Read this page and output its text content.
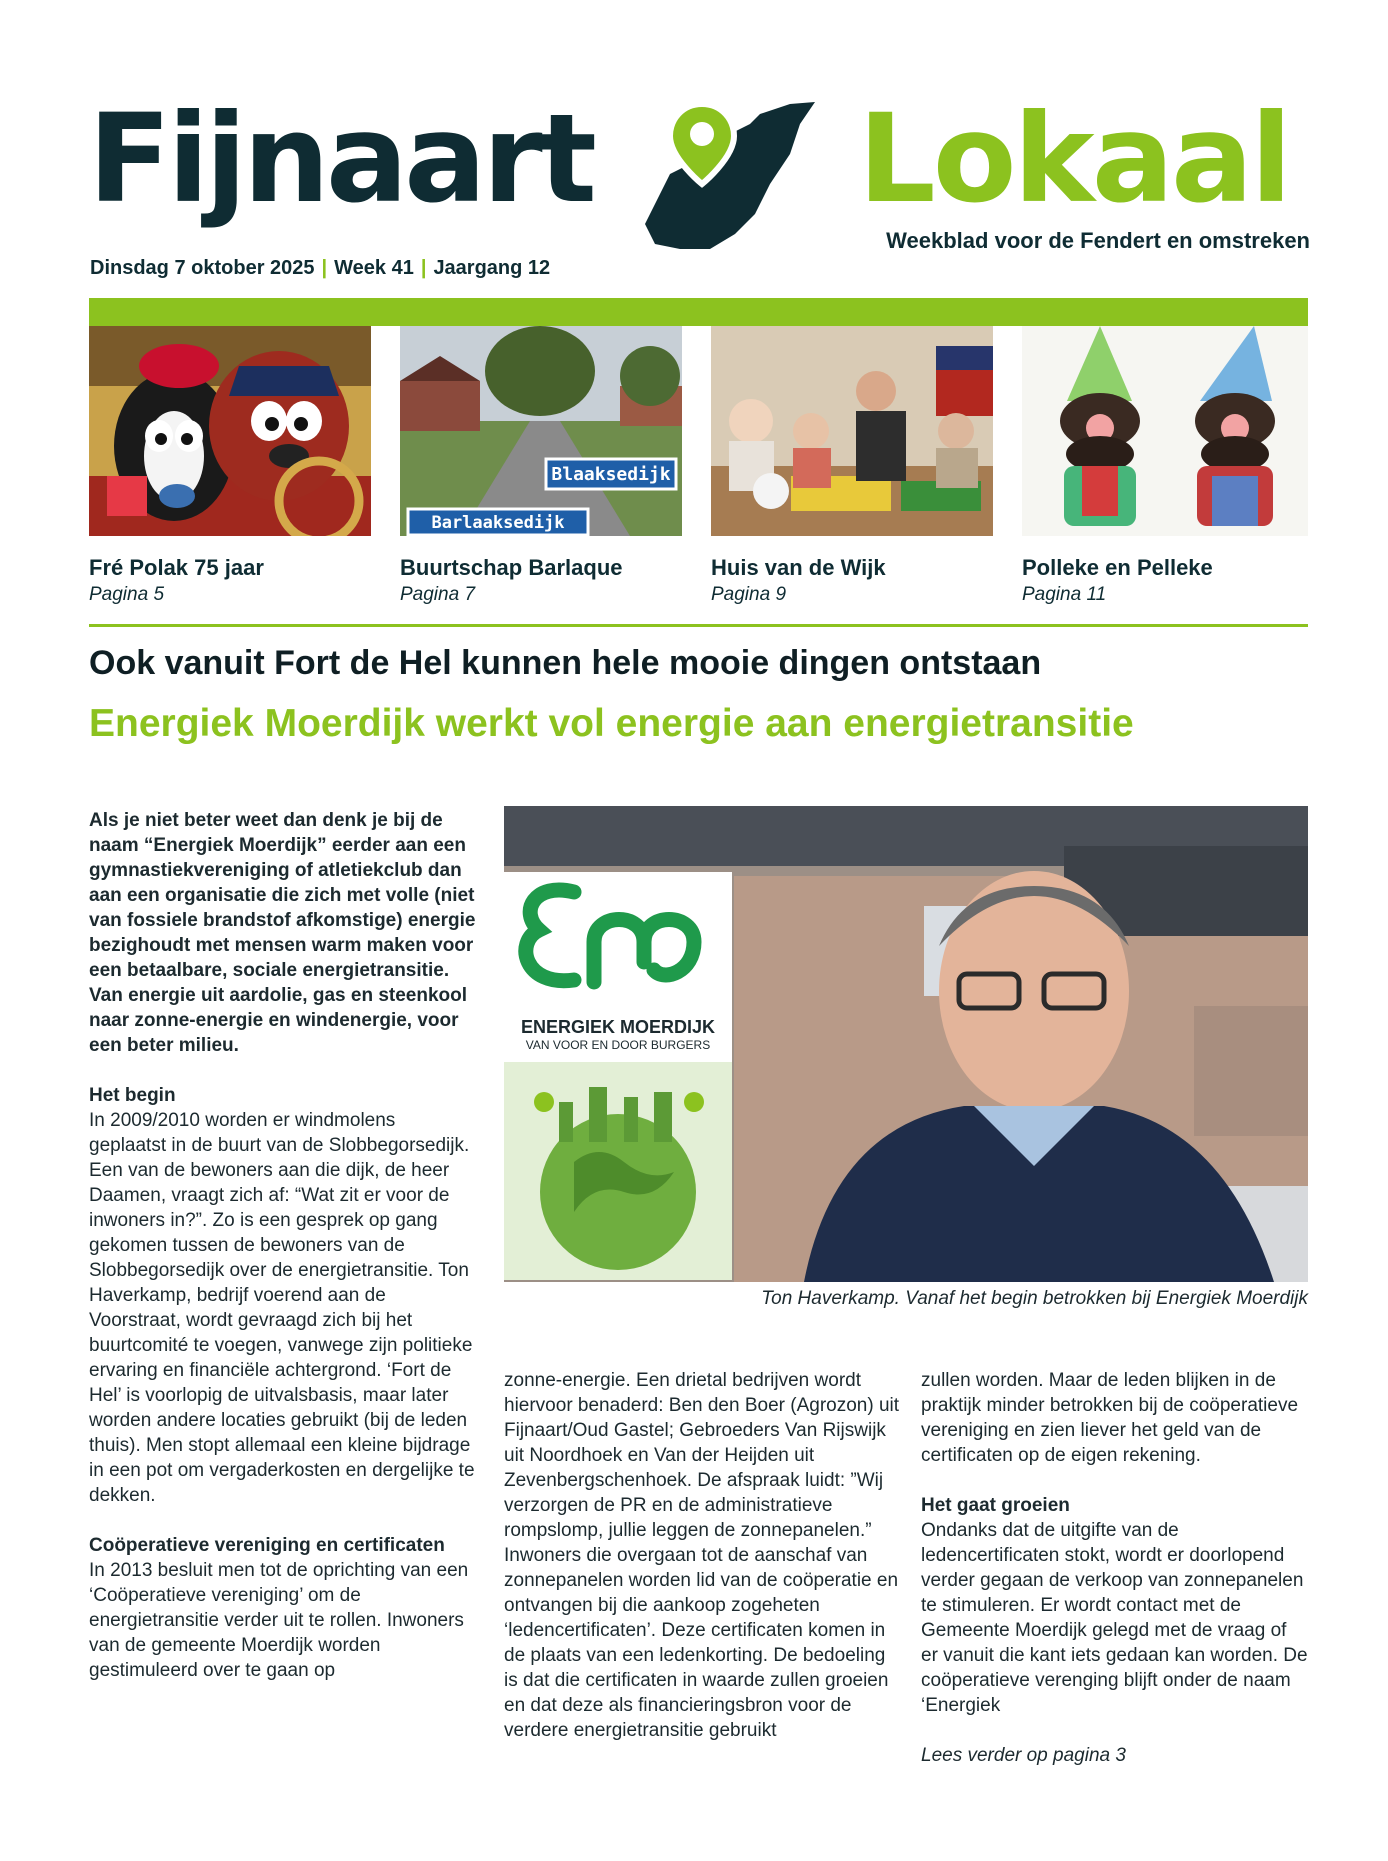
Fijnaart Lokaal
Weekblad voor de Fendert en omstreken
Dinsdag 7 oktober 2025 | Week 41 | Jaargang 12
Blaaksedijk
Barlaaksedijk
Fré Polak 75 jaar
Pagina 5
Buurtschap Barlaque
Pagina 7
Huis van de Wijk
Pagina 9
Polleke en Pelleke
Pagina 11
Ook vanuit Fort de Hel kunnen hele mooie dingen ontstaan
Energiek Moerdijk werkt vol energie aan energietransitie

Als je niet beter weet dan denk je bij de naam “Energiek Moerdijk” eerder aan een gymnastiekvereniging of atletiekclub dan aan een organisatie die zich met volle (niet van fossiele brandstof afkomstige) energie bezighoudt met mensen warm maken voor een betaalbare, sociale energietransitie. Van energie uit aardolie, gas en steenkool naar zonne-energie en windenergie, voor een beter milieu.

Het begin

In 2009/2010 worden er windmolens geplaatst in de buurt van de Slobbegorsedijk. Een van de bewoners aan die dijk, de heer Daamen, vraagt zich af: “Wat zit er voor de inwoners in?”. Zo is een gesprek op gang gekomen tussen de bewoners van de Slobbegorsedijk over de energietransitie. Ton Haverkamp, bedrijf voerend aan de Voorstraat, wordt gevraagd zich bij het buurtcomité te voegen, vanwege zijn politieke ervaring en financiële achtergrond. ‘Fort de Hel’ is voorlopig de uitvalsbasis, maar later worden andere locaties gebruikt (bij de leden thuis). Men stopt allemaal een kleine bijdrage in een pot om vergaderkosten en dergelijke te dekken.

Coöperatieve vereniging en certificaten

In 2013 besluit men tot de oprichting van een ‘Coöperatieve vereniging’ om de energietransitie verder uit te rollen. Inwoners van de gemeente Moerdijk worden gestimuleerd over te gaan op

ENERGIEK MOERDIJK
VAN VOOR EN DOOR BURGERS
Ton Haverkamp. Vanaf het begin betrokken bij Energiek Moerdijk

zonne-energie. Een drietal bedrijven wordt hiervoor benaderd: Ben den Boer (Agrozon) uit Fijnaart/Oud Gastel; Gebroeders Van Rijswijk uit Noordhoek en Van der Heijden uit Zevenbergschenhoek. De afspraak luidt: ”Wij verzorgen de PR en de administratieve rompslomp, jullie leggen de zonnepanelen.”

Inwoners die overgaan tot de aanschaf van zonnepanelen worden lid van de coöperatie en ontvangen bij die aankoop zogeheten ‘ledencertificaten’. Deze certificaten komen in de plaats van een ledenkorting. De bedoeling is dat die certificaten in waarde zullen groeien en dat deze als financieringsbron voor de verdere energietransitie gebruikt

zullen worden. Maar de leden blijken in de praktijk minder betrokken bij de coöperatieve vereniging en zien liever het geld van de certificaten op de eigen rekening.

Het gaat groeien

Ondanks dat de uitgifte van de ledencertificaten stokt, wordt er doorlopend verder gegaan de verkoop van zonnepanelen te stimuleren. Er wordt contact met de Gemeente Moerdijk gelegd met de vraag of er vanuit die kant iets gedaan kan worden. De coöperatieve verenging blijft onder de naam ‘Energiek

Lees verder op pagina 3
